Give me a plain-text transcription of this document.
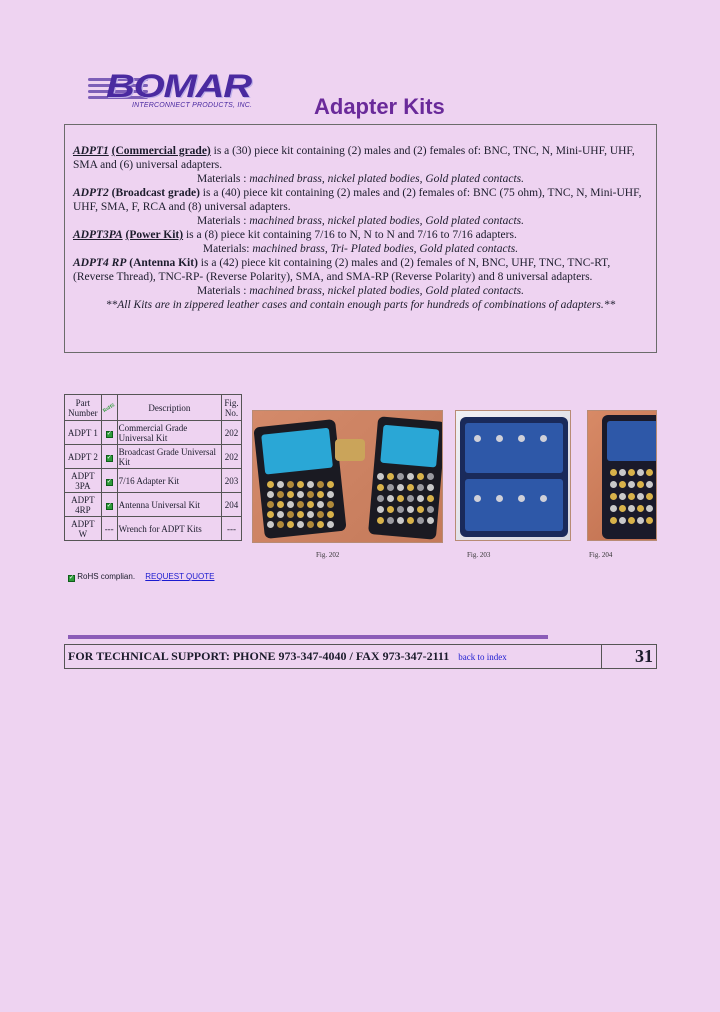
BOMAR
INTERCONNECT PRODUCTS, INC.	Adapter Kits

ADPT1 (Commercial grade) is a (30) piece kit containing (2) males and (2) females of: BNC, TNC, N, Mini-UHF, UHF, SMA and (6) universal adapters.

Materials : machined brass, nickel plated bodies, Gold plated contacts.

ADPT2 (Broadcast grade) is a (40) piece kit containing (2) males and (2) females of: BNC (75 ohm), TNC, N, Mini-UHF, UHF, SMA, F, RCA and (8) universal adapters.

Materials : machined brass, nickel plated bodies, Gold plated contacts.

ADPT3PA (Power Kit) is a (8) piece kit containing 7/16 to N, N to N and 7/16 to 7/16 adapters.

Materials: machined brass, Tri- Plated bodies, Gold plated contacts.

ADPT4 RP (Antenna Kit) is a (42) piece kit containing (2) males and (2) females of N, BNC, UHF, TNC, TNC-RT, (Reverse Thread), TNC-RP- (Reverse Polarity), SMA, and SMA-RP (Reverse Polarity) and 8 universal adapters.

Materials : machined brass, nickel plated bodies, Gold plated contacts.

**All Kits are in zippered leather cases and contain enough parts for hundreds of combinations of adapters.**

Part Number	RoHS	Description	Fig. No.
ADPT 1	✓	Commercial Grade Universal Kit	202
ADPT 2	✓	Broadcast Grade Universal Kit	202
ADPT 3PA	✓	7/16 Adapter Kit	203
ADPT 4RP	✓	Antenna Universal Kit	204
ADPT W	---	Wrench for ADPT Kits	---
Fig. 202	Fig. 203	Fig. 204
✓ RoHS complian. REQUEST QUOTE
FOR TECHNICAL SUPPORT: PHONE 973-347-4040 / FAX 973-347-2111 back to index	31
